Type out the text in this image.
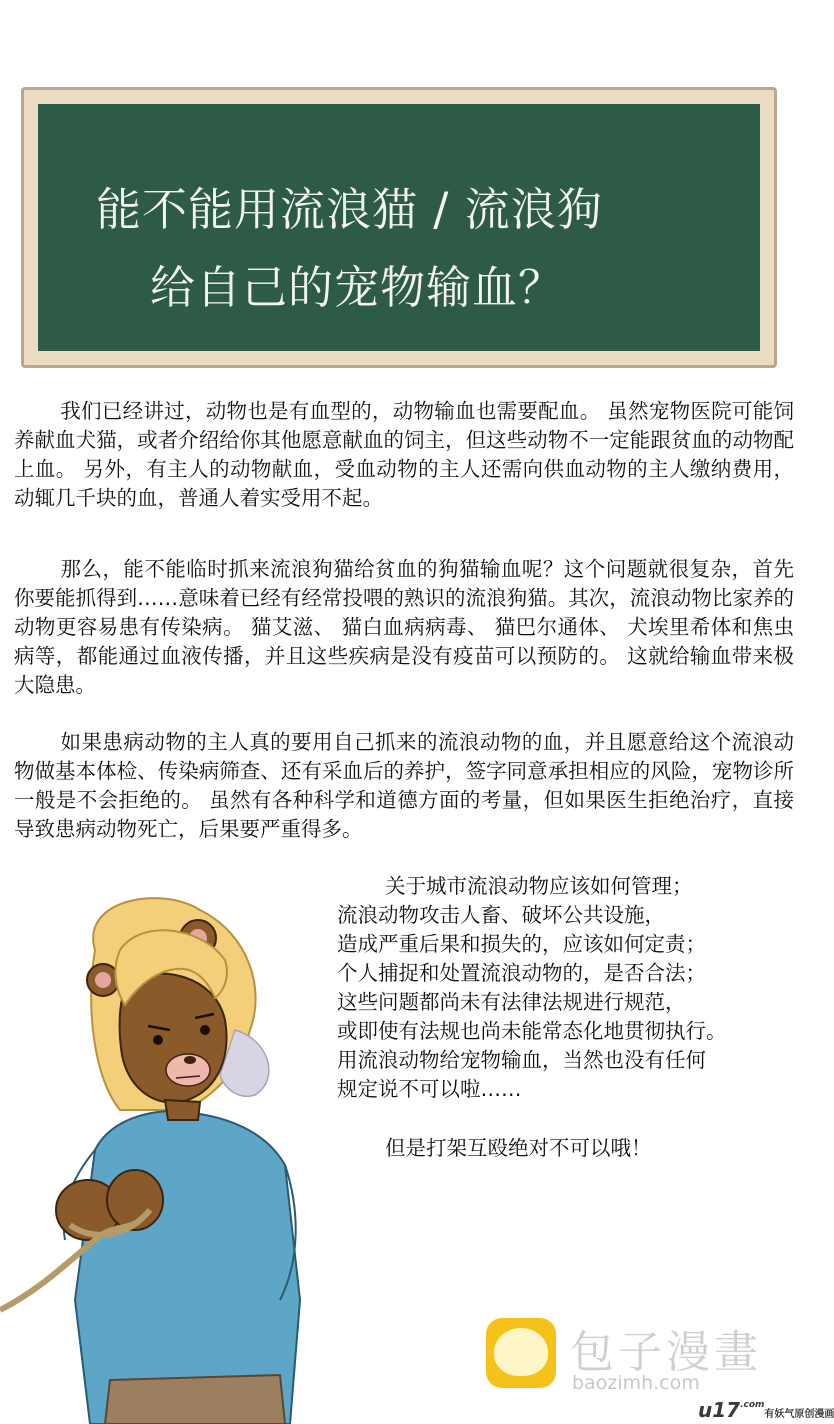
能不能用流浪猫 / 流浪狗
给自己的宠物输血？

我们已经讲过，动物也是有血型的，动物输血也需要配血。 虽然宠物医院可能饲养献血犬猫，或者介绍给你其他愿意献血的饲主，但这些动物不一定能跟贫血的动物配上血。 另外，有主人的动物献血，受血动物的主人还需向供血动物的主人缴纳费用，动辄几千块的血，普通人着实受用不起。

那么，能不能临时抓来流浪狗猫给贫血的狗猫输血呢？这个问题就很复杂，首先你要能抓得到……意味着已经有经常投喂的熟识的流浪狗猫。其次，流浪动物比家养的动物更容易患有传染病。 猫艾滋、 猫白血病病毒、 猫巴尔通体、 犬埃里希体和焦虫病等，都能通过血液传播，并且这些疾病是没有疫苗可以预防的。 这就给输血带来极大隐患。

如果患病动物的主人真的要用自己抓来的流浪动物的血，并且愿意给这个流浪动物做基本体检、传染病筛查、还有采血后的养护，签字同意承担相应的风险，宠物诊所一般是不会拒绝的。 虽然有各种科学和道德方面的考量，但如果医生拒绝治疗，直接导致患病动物死亡，后果要严重得多。

关于城市流浪动物应该如何管理；
流浪动物攻击人畜、破坏公共设施，
造成严重后果和损失的，应该如何定责；
个人捕捉和处置流浪动物的，是否合法；
这些问题都尚未有法律法规进行规范，
或即使有法规也尚未能常态化地贯彻执行。
用流浪动物给宠物输血，当然也没有任何
规定说不可以啦……
但是打架互殴绝对不可以哦！
包子漫畫
baozimh.com
$u17^{.com}$有妖气原创漫画
